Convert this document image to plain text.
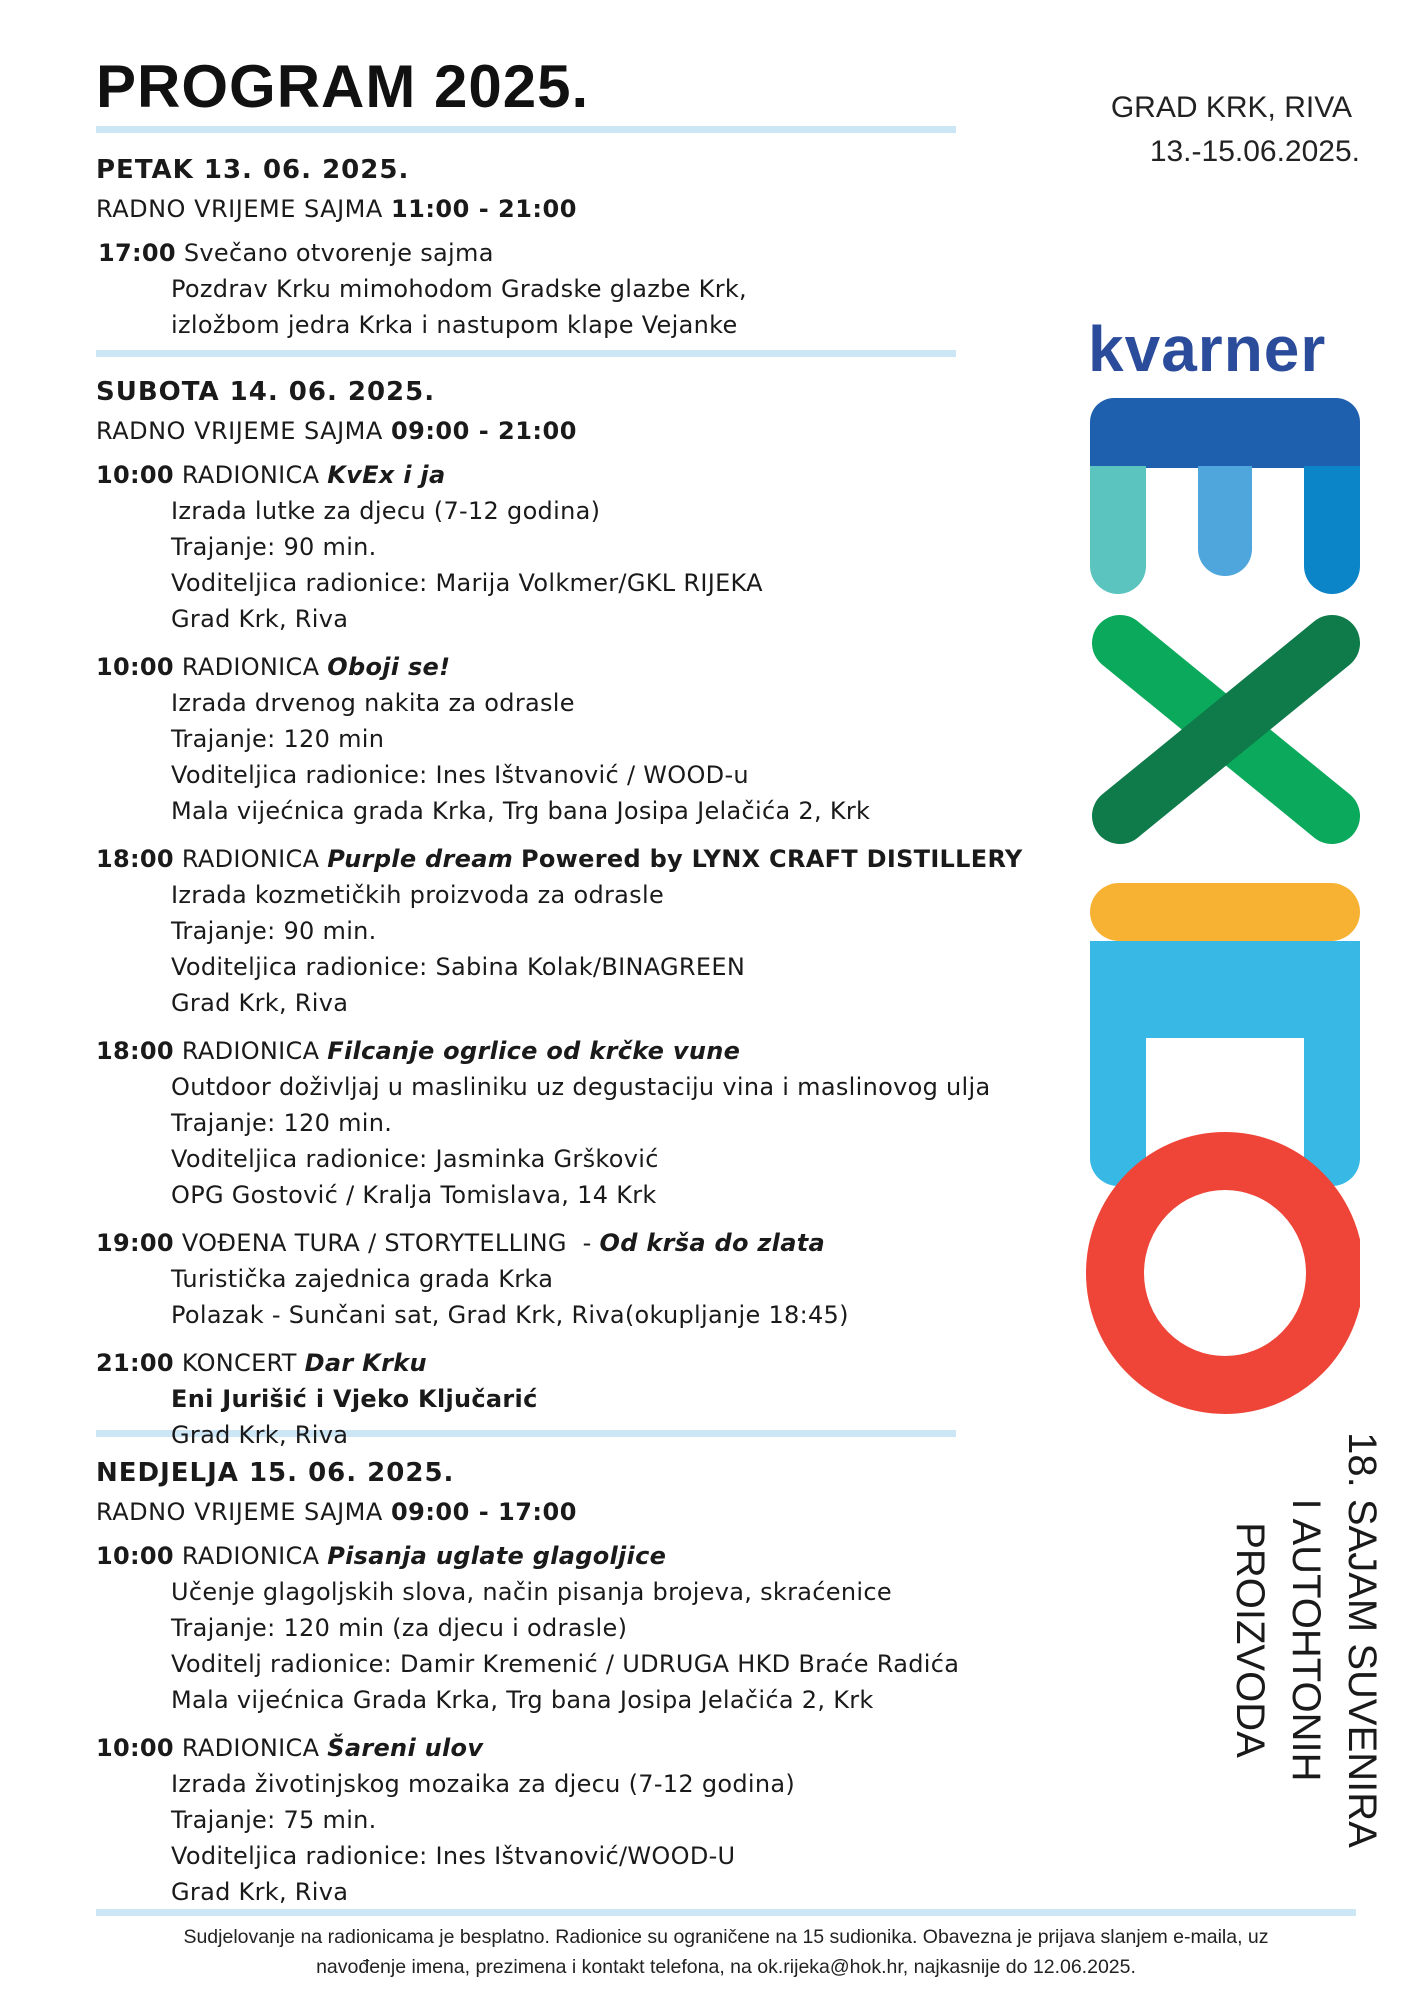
PROGRAM 2025.	GRAD KRK, RIVA
13.-15.06.2025.
PETAK 13. 06. 2025.
RADNO VRIJEME SAJMA 11:00 - 21:00
17:00 Svečano otvorenje sajma
Pozdrav Krku mimohodom Gradske glazbe Krk,
izložbom jedra Krka i nastupom klape Vejanke
SUBOTA 14. 06. 2025.
RADNO VRIJEME SAJMA 09:00 - 21:00
10:00 RADIONICA KvEx i ja
Izrada lutke za djecu (7-12 godina)
Trajanje: 90 min.
Voditeljica radionice: Marija Volkmer/GKL RIJEKA
Grad Krk, Riva
10:00 RADIONICA Oboji se!
Izrada drvenog nakita za odrasle
Trajanje: 120 min
Voditeljica radionice: Ines Ištvanović / WOOD-u
Mala vijećnica grada Krka, Trg bana Josipa Jelačića 2, Krk
18:00 RADIONICA Purple dream Powered by LYNX CRAFT DISTILLERY
Izrada kozmetičkih proizvoda za odrasle
Trajanje: 90 min.
Voditeljica radionice: Sabina Kolak/BINAGREEN
Grad Krk, Riva
18:00 RADIONICA Filcanje ogrlice od krčke vune
Outdoor doživljaj u masliniku uz degustaciju vina i maslinovog ulja
Trajanje: 120 min.
Voditeljica radionice: Jasminka Gršković
OPG Gostović / Kralja Tomislava, 14 Krk
19:00 VOĐENA TURA / STORYTELLING  - Od krša do zlata
Turistička zajednica grada Krka
Polazak - Sunčani sat, Grad Krk, Riva(okupljanje 18:45)
21:00 KONCERT Dar Krku
Eni Jurišić i Vjeko Ključarić
Grad Krk, Riva
NEDJELJA 15. 06. 2025.
RADNO VRIJEME SAJMA 09:00 - 17:00
10:00 RADIONICA Pisanja uglate glagoljice
Učenje glagoljskih slova, način pisanja brojeva, skraćenice
Trajanje: 120 min (za djecu i odrasle)
Voditelj radionice: Damir Kremenić / UDRUGA HKD Braće Radića
Mala vijećnica Grada Krka, Trg bana Josipa Jelačića 2, Krk
10:00 RADIONICA Šareni ulov
Izrada životinjskog mozaika za djecu (7-12 godina)
Trajanje: 75 min.
Voditeljica radionice: Ines Ištvanović/WOOD-U
Grad Krk, Riva
kvarner
18. SAJAM SUVENIRA
I AUTOHTONIH
PROIZVODA
Sudjelovanje na radionicama je besplatno. Radionice su ograničene na 15 sudionika. Obavezna je prijava slanjem e-maila, uz
navođenje imena, prezimena i kontakt telefona, na ok.rijeka@hok.hr, najkasnije do 12.06.2025.
